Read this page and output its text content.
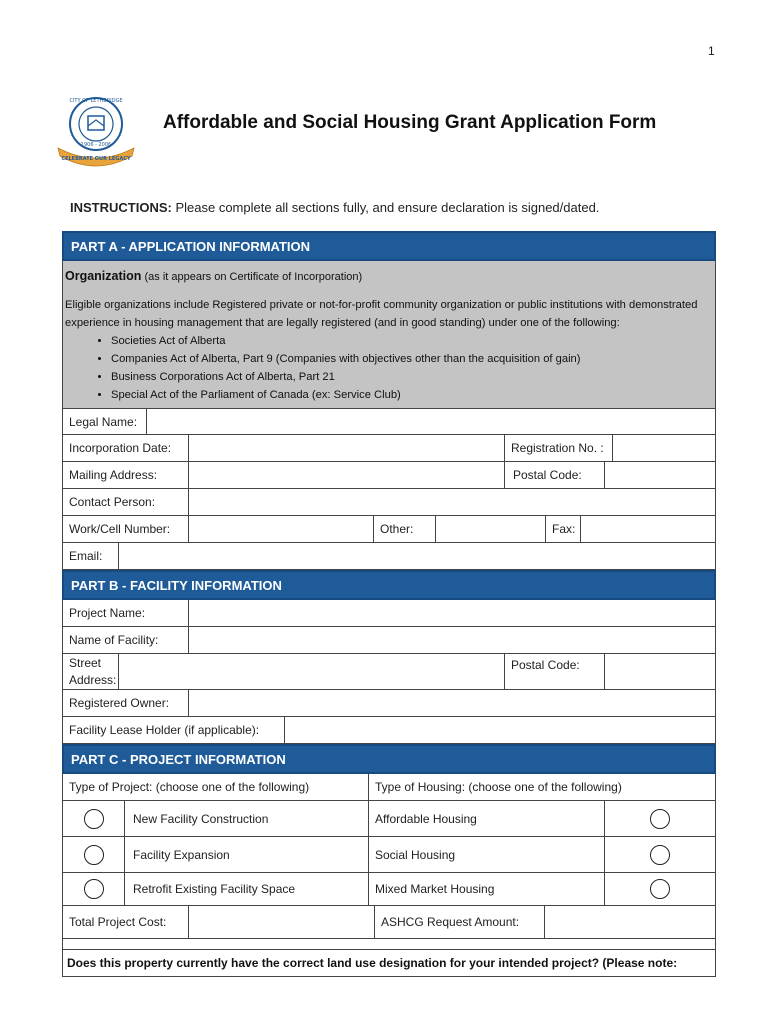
1
CITY OF LETHBRIDGE
1906 - 2006
CELEBRATE OUR LEGACY
Affordable and Social Housing Grant Application Form
INSTRUCTIONS: Please complete all sections fully, and ensure declaration is signed/dated.
PART A - APPLICATION INFORMATION
Organization (as it appears on Certificate of Incorporation)

Eligible organizations include Registered private or not-for-profit community organization or public institutions with demonstrated experience in housing management that are legally registered (and in good standing) under one of the following:

• Societies Act of Alberta
• Companies Act of Alberta, Part 9 (Companies with objectives other than the acquisition of gain)
• Business Corporations Act of Alberta, Part 21
• Special Act of the Parliament of Canada (ex: Service Club)
Legal Name:
Incorporation Date:	Registration No. :
Mailing Address:	Postal Code:
Contact Person:
Work/Cell Number:	Other:	Fax:
Email:
PART B - FACILITY INFORMATION
Project Name:
Name of Facility:
Street
Address:
Postal Code:
Registered Owner:
Facility Lease Holder (if applicable):
PART C - PROJECT INFORMATION
Type of Project: (choose one of the following)	Type of Housing: (choose one of the following)
New Facility Construction	Affordable Housing
Facility Expansion	Social Housing
Retrofit Existing Facility Space	Mixed Market Housing
Total Project Cost:	ASHCG Request Amount:
Does this property currently have the correct land use designation for your intended project? (Please note:
